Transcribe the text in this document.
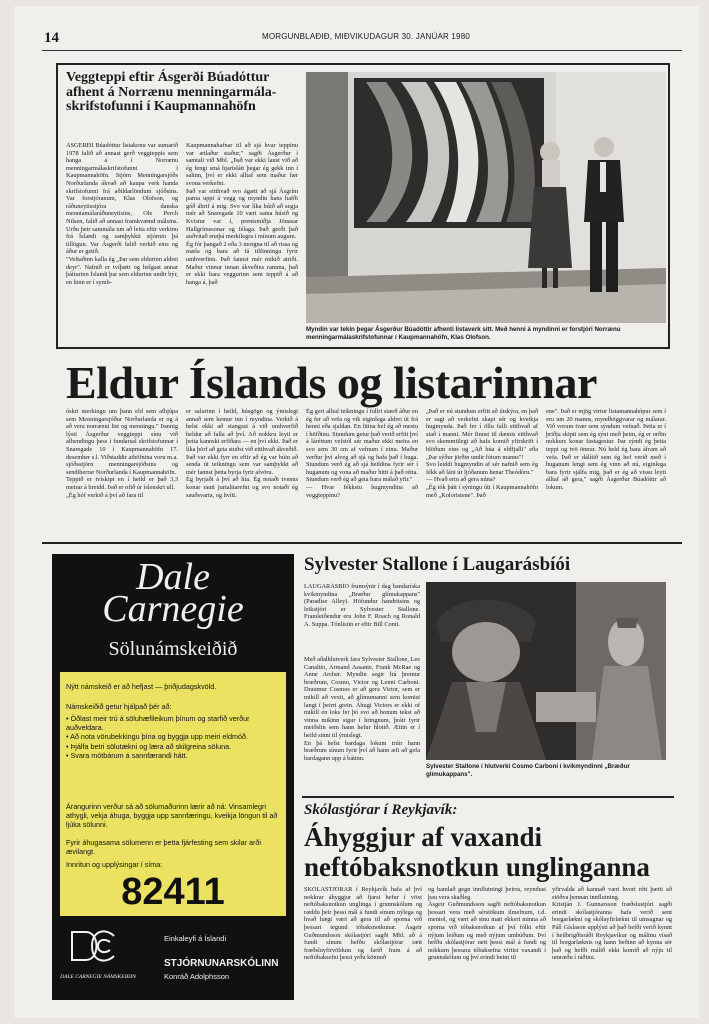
14	MORGUNBLAÐIÐ, MIÐVIKUDAGUR 30. JANÚAR 1980
Veggteppi eftir Ásgerði Búadóttur afhent á Norrænu menningarmála-skrifstofunni í Kaupmannahöfn
ÁSGERÐI Búadóttur listakonu var sumarið 1978 falið að annast gerð veggteppis sem hanga á í Norrænu menningarmálaskrifstofunni í Kaupmannahöfn. Stjórn Menningarsjóðs Norðurlanda ákvað að kaupa verk handa skrifstofunni frá aðildarlöndum sjóðsins. Var forstjóranum, Klas Olofson, og ráðuneytisstjóra danska menntamálaráðuneytisins, Ole Perch Nilsen, falið að annast framkvæmd málsins. Urðu þeir sammála um að leita eftir verkinu frá Íslandi og samþykkti stjórnin þá tillögun. Var Ásgerði falið verkið eins og áður er getið.
"Veftaðinn kalla ég „Þar sem eldurinn aldrei deyr". Nafnið er tvíþætt og helgast annar þátturinn Íslandi þar sem eldurinn undir býr, en hinn er í symb-
Kaupmannahafnar til að sjá hvar teppinu var ætlaður staður," sagði Ásgerður í samtali við Mbl. „Það var ekki laust við að ég fengi smá hjartslátt þegar ég gekk inn í salinn, því er ekki alltaf sem maður fær svona verkefni.
Það var eitthvað svo ágætt að sjá Ásgrím parna uppi á vegg og myndin hans hafði góð áhrif á mig. Svo var líka búið að segja mér að Snaregade 10 væri sama húsið og Kvistur var í, prentsmiðja Jónasar Hallgrímssonar og félaga. Það gerði það auðvitað ennþá merkilegra í mínum augum.
Ég fór þangað 2 eða 3 morgna til að rissa og mæla og bara að fá tilfinningu fyrir umhverfinu. Það fannst mér mikið atriði. Maður vinnur innan ákveðins ramma, það er ekki bara veggurinn sem teppið á að hanga á, það
Myndin var tekin þegar Ásgerður Búadóttir afhenti listaverk sitt. Með henni á myndinni er forstjóri Norrænu menningarmálaskrifstofunnar í Kaupmannahöfn, Klas Olofson.
Eldur Íslands og listarinnar
óskri merkingu um þann eld sem afhjúpa sem Menningarsjóður Norðurlanda er og á að vera norrænni list og menningu." Þannig lýsti Ásgerður veggteppi sínu við afhendingu þess í fundarsal skrifstofunnar í Snaregade 10 í Kaupmannahöfn 17. desember s.l. Viðstaddir athöfnina voru m.a. sjóðsstjórn menningarsjóðsins og sendiherrar Norðurlanda í Kaupmannahöfn.
Teppið er tvískipt en í heild er það 3,3 metrar á breidd. Það er ofið úr íslenskri ull.
„Ég hóf verkið á því að fara til
er salurinn í heild, húsgögn og ýmislegt annað sem kemur inn í myndina. Verkið á helst ekki að stangast á við umhverfið heldur að falla að því. Að nokkru leyti er þetta kannski erfiðara — en því ekki. Það er líka þörf að geta stuðst við eitthvað ákveðið. Það var ekki fyrr en eftir að ég var búin að senda út teikningu sem var samþykkt að mér fannst þetta byrja fyrir alvöru.
Ég byrjaði á því að lita. Ég notaði tvenns konar rautt jurtalitarefni og svo notaði ég sauðsvarta, og hvítt.
Ég geri alltaf teikningu í fullri stærð áður en ég fer að vefa og vik eiginlega aldrei út frá henni eða sjaldan. En litina hef ég að mestu í höfðinu. Stundum getur það verið erfitt því á láréttum vefstól sér maður ekki meira en svo sem 30 cm af vefnum í einu. Maður verður því alveg að sjá og hafa það í huga. Stundum verð ég að sjá heildina fyrir sér í huganum og vona að maður hitti á það rétta. Stundum verð ég að geta bara málað yfir."
— Hvar fékkstu hugmyndina að veggteppinu?
„Það er nú stundum erfitt að útskýra, en það er sagt að verkefni skapi sér og kveikja hugmynda. Það fer í öllu falli eitthvað af stað í manni. Mér finnst til dæmis eitthvað svo skemmtilegt að hafa komið yfirskrift í blöðum eins og „Að búa á eldfjalli" eða „Þar sýður jörðin undir fótum manns"!
Svo leiddi hugmyndin af sér nafnið sem ég fékk að láni úr ljóðanum henar Theódóru."
— Hvað ertu að gera núna?
„Ég tók þátt í sýningu úti í Kaupmannahöfn með „Koloristene". Það
ene". Það er mjög virtur listamannahópur sem í eru um 20 manns, myndhöggvarar og málarar. Við vorum tvær sem sýndum vefnað. Þetta er í þriðja skipti sem ég sýni með þeim, ég er orðin nokkurs konar fastagestur. Þar sýndi ég þetta teppi og tvö önnur. Nú held ég bara áfram að vefa. Það er dálítið sem ég hef verið með í huganum lengi sem ég vinn að nú, eiginlega bara fyrir sjálfa mig, það er ég að vissu leyti alltaf að gera," sagði Ásgerður Búadóttir að lokum.
Dale
Carnegie
Sölunámskeiðið
Nýtt námskeið er að hefjast — þriðjudagskvöld.
Námskeiðið getur hjálpað þér að:
• Öðlast meir trú á söluhæfileikum þínum og starfið verður auðveldara.
• Að nota vörubekkingu þína og byggja upp meiri eldmóð.
• Þjálfa betri sölutækni og læra að skilgreina söluna.
• Svara mótbárum á sannfærandi hátt.
Árangurinn verður sá að sölumaðurinn lærir að ná: Vinsamlegri athygli, vekja áhuga, byggja upp sannfæringu, kveikja löngun til að ljúka sölunni.
Fyrir áhugasama sölumenn er þetta fjárfesting sem skilar arði ævilangt.
Innritun og upplýsingar í síma:
82411
DALE CARNEGIE NÁMSKEIÐIN
Einkaleyfi á Íslandi
STJÓRNUNARSKÓLINN
Konráð Adolphsson
Sylvester Stallone í Laugarásbíói
LAUGARÁSBÍÓ frumsýnir í dag bandaríska kvikmyndina „Bræður glímukappans" (Paradise Alley). Höfundur handritsins og leikstjóri er Sylvester Stallone. Framleiðendur eru John F. Roach og Ronald A. Suppa. Tónlistin er eftir Bill Conti.
Með aðalhlutverk fara Sylvester Stallone, Lee Canalito, Armand Assante, Frank McRae og Anne Archer. Myndin segir frá þremur bræðrum, Cosmo, Victor og Lenni Carboni. Draumur Cosmos er að gera Victor, sem er mikill að vexti, að glímumanni sem komist langt í þeirri grein. Áhugi Victors er ekki of mikill en loks fer þó svo að honum tekst að vinna mikinn sigur í hringnum, þrátt fyrir meiðslin sem hann hefur hlotið. Ættin er í heild sinni til ýmislegt.
En þá hefst bardaga lokum trúir hann bræðrum sínum fyrir því að hann æfi að gefa bardagann upp á bátinn.
Sylvester Stallone í hlutverki Cosmo Carboni í kvikmyndinni „Bræður glímukappans".
Skólastjórar í Reykjavík:
Áhyggjur af vaxandi neftóbaksnotkun unglinganna
SKÓLASTJÓRAR í Reykjavík hafa af því nokkrar áhyggjur að fjarst hefur í vöxt neftóbaksnotkun unglinga í grunnskólum og ræddu þeir þessi mál á fundi sínum nýlega og hvað hægt væri að gera til að sporna við þessari tegund tóbaksnotkunar. Ásgeir Guðmundsson skólastjóri sagði Mbl. að á fundi sínum hefðu skólastjórar rætt fræðsluyfirvöldum og farið fram á að neftóbaksefni þessi yrðu könnuð
og hamlað gegn innflutningi þeirra, reyndust þau vera skaðleg.
Ásgeir Guðmundsson sagði neftóbaksnotkun þessari vera með sérstökum ilmefnum, t.d. mentol, og væri að sinu mati ekkert minna að sporna við tóbaksnotkun af því fólki eftir nýjum leiðum og með nýjum umbúðum. Því hefðu skólastjórar rætt þessi mál á fundi og nokkurn þessara tóbaksefna virtist vaxandi í grunnskólum og því erindi beint til
yfirvalda að kannað væri hvort rétt þætti að stöðva þennan innflutning.
Kristján J. Gunnarsson fræðslustjóri sagði erindi skólastjóranna hafa verið sent borgarlækni og skólayfirlækni til umsagnar og Páll Gíslason upplýsti að það hefði verið kynnt í heilbrigðisráði Reykjavíkur og málinu vísað til borgarlæknis og hann beðinn að kynna sér það og hefði málið ekki komið að nýju til umræðu í ráðinu.
